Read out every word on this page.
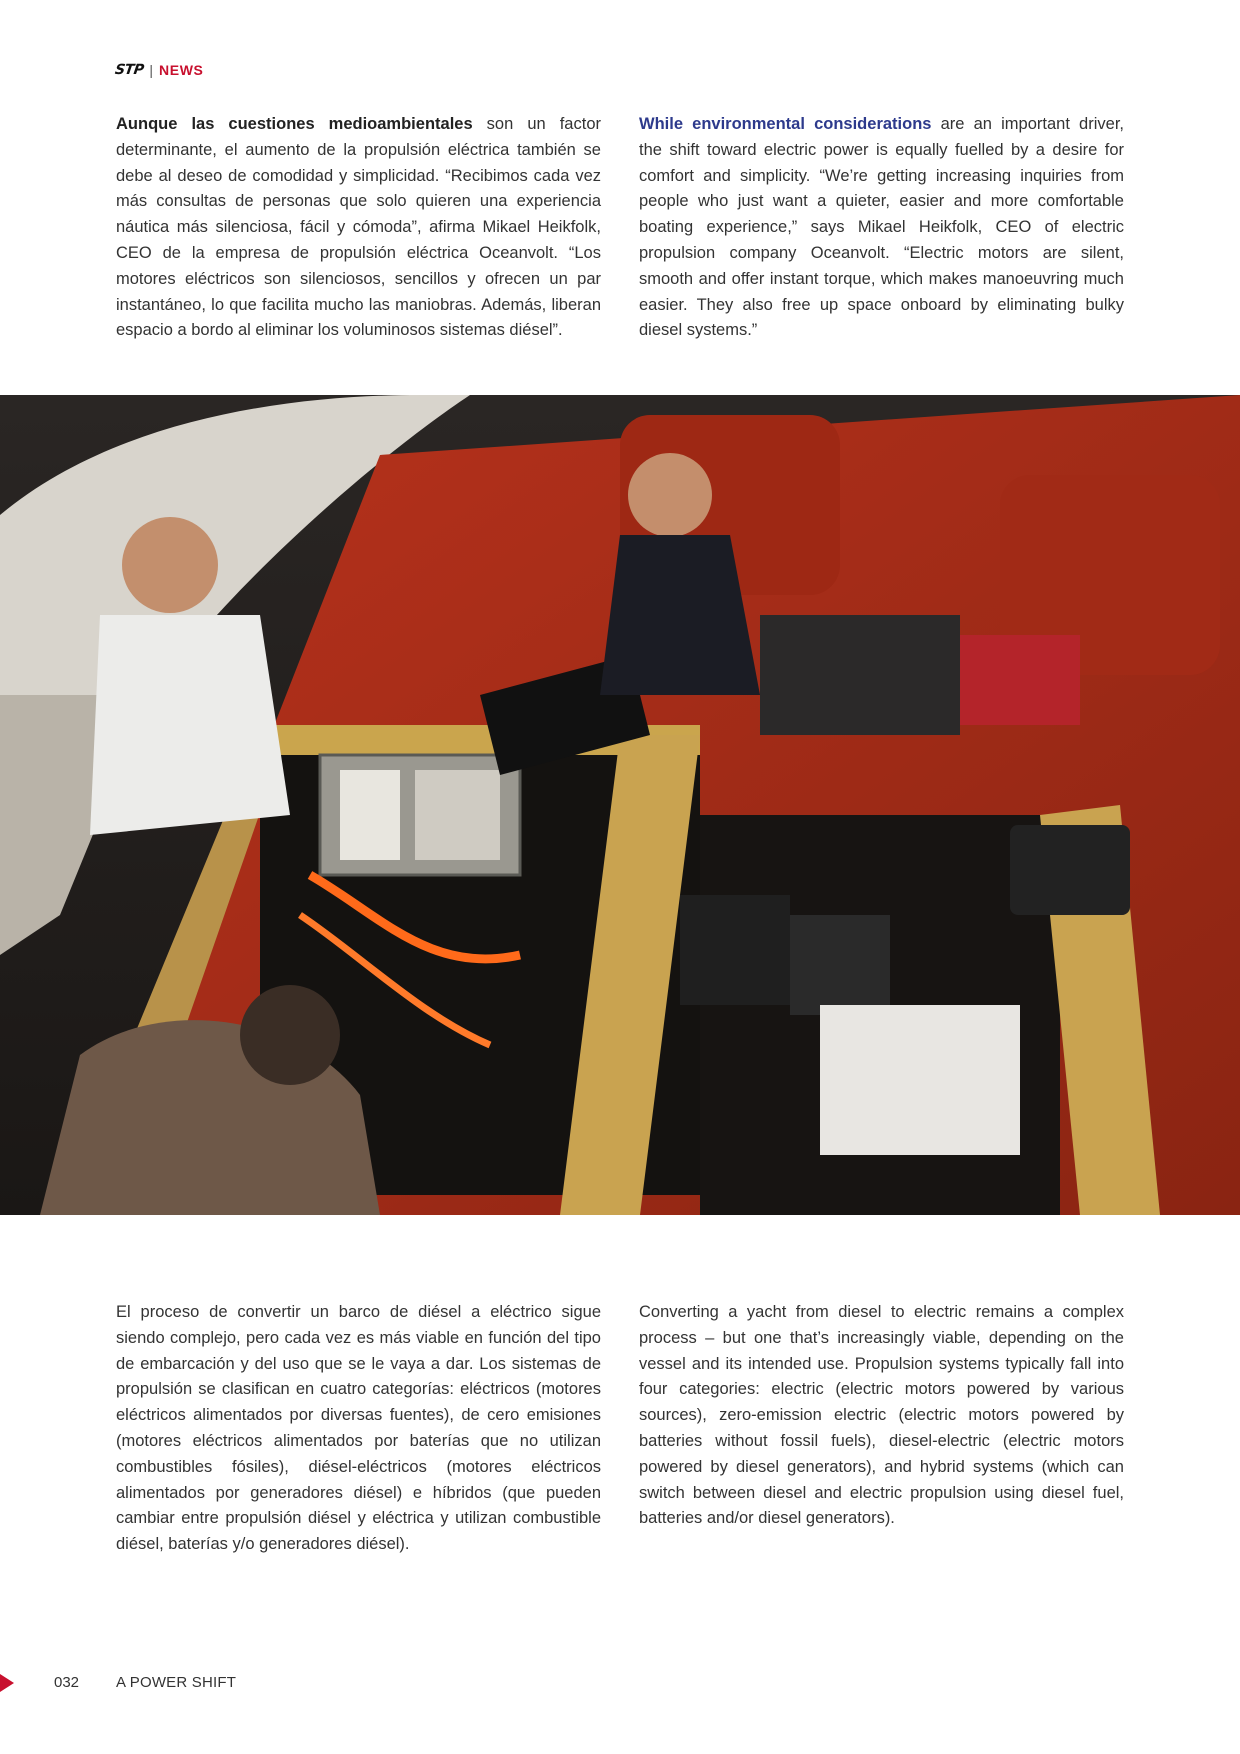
STP | NEWS

Aunque las cuestiones medioambientales son un factor determinante, el aumento de la propulsión eléctrica también se debe al deseo de comodidad y simplicidad. “Recibimos cada vez más consultas de personas que solo quieren una experiencia náutica más silenciosa, fácil y cómoda”, afirma Mikael Heikfolk, CEO de la empresa de propulsión eléctrica Oceanvolt. “Los motores eléctricos son silenciosos, sencillos y ofrecen un par instantáneo, lo que facilita mucho las maniobras. Además, liberan espacio a bordo al eliminar los voluminosos sistemas diésel”.

While environmental considerations are an important driver, the shift toward electric power is equally fuelled by a desire for comfort and simplicity. “We’re getting increasing inquiries from people who just want a quieter, easier and more comfortable boating experience,” says Mikael Heikfolk, CEO of electric propulsion company Oceanvolt. “Electric motors are silent, smooth and offer instant torque, which makes manoeuvring much easier. They also free up space onboard by eliminating bulky diesel systems.”

El proceso de convertir un barco de diésel a eléctrico sigue siendo complejo, pero cada vez es más viable en función del tipo de embarcación y del uso que se le vaya a dar. Los sistemas de propulsión se clasifican en cuatro categorías: eléctricos (motores eléctricos alimentados por diversas fuentes), de cero emisiones (motores eléctricos alimentados por baterías que no utilizan combustibles fósiles), diésel-eléctricos (motores eléctricos alimentados por generadores diésel) e híbridos (que pueden cambiar entre propulsión diésel y eléctrica y utilizan combustible diésel, baterías y/o generadores diésel).

Converting a yacht from diesel to electric remains a complex process – but one that’s increasingly viable, depending on the vessel and its intended use. Propulsion systems typically fall into four categories: electric (electric motors powered by various sources), zero-emission electric (electric motors powered by batteries without fossil fuels), diesel-electric (electric motors powered by diesel generators), and hybrid systems (which can switch between diesel and electric propulsion using diesel fuel, batteries and/or diesel generators).

032 A POWER SHIFT
